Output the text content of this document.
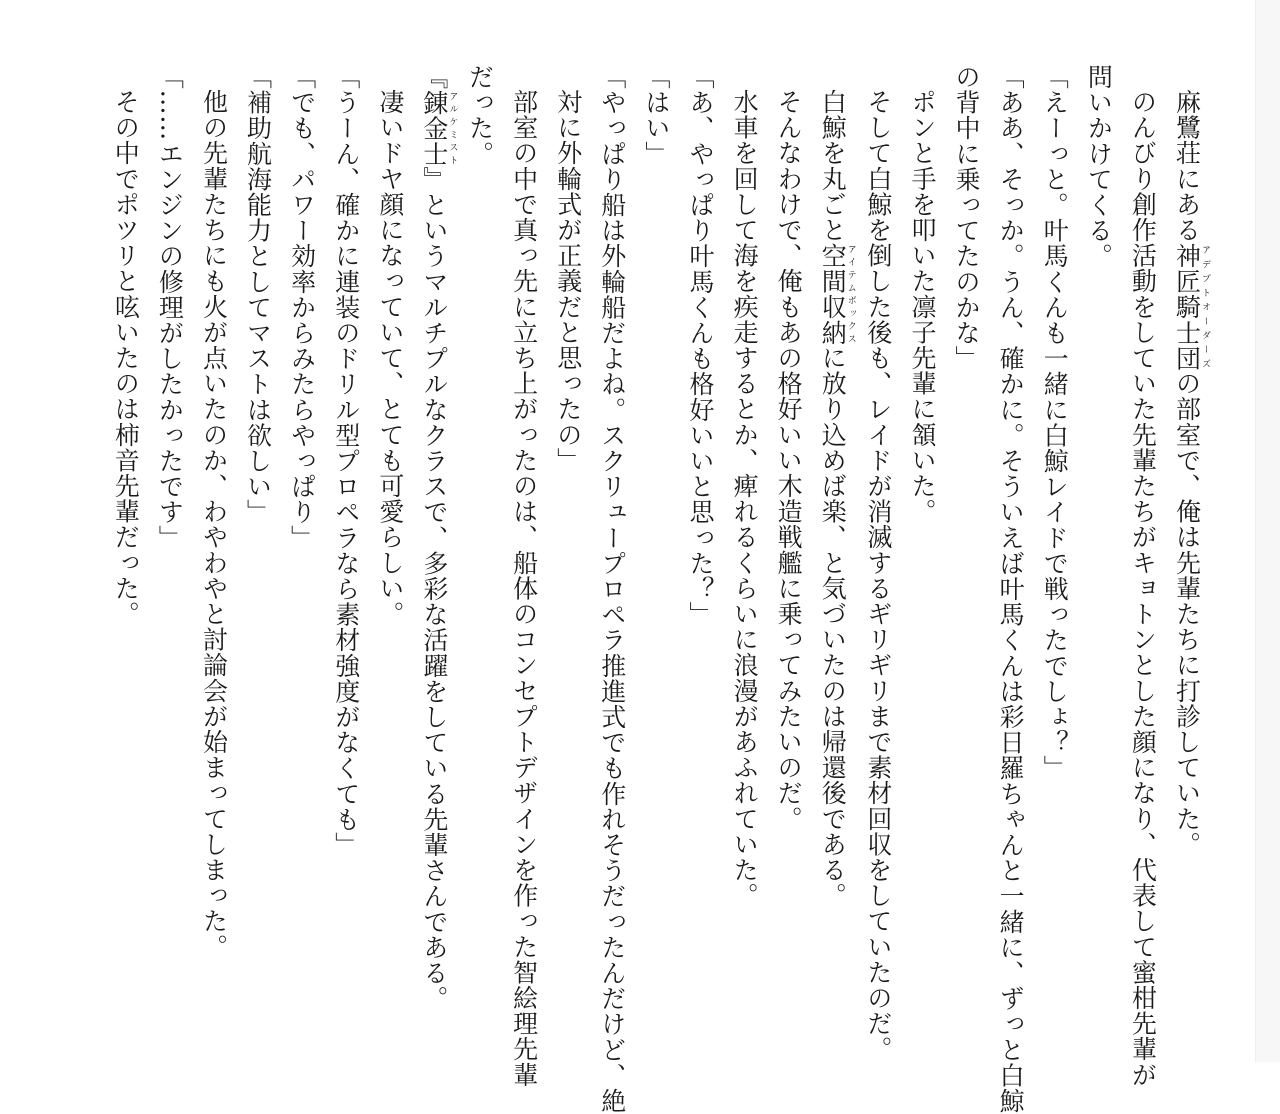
麻鷺荘にある神匠騎士団アデプトオーダーズの部室で、俺は先輩たちに打診していた。
のんびり創作活動をしていた先輩たちがキョトンとした顔になり、代表して蜜柑先輩が
問いかけてくる。
「えーっと。叶馬くんも一緒に白鯨レイドで戦ったでしょ？」
「ああ、そっか。うん、確かに。そういえば叶馬くんは彩日羅ちゃんと一緒に、ずっと白鯨
の背中に乗ってたのかな」
ポンと手を叩いた凛子先輩に頷いた。
そして白鯨を倒した後も、レイドが消滅するギリギリまで素材回収をしていたのだ。
白鯨を丸ごと空間収納アイテムボックスに放り込めば楽、と気づいたのは帰還後である。
そんなわけで、俺もあの格好いい木造戦艦に乗ってみたいのだ。
水車を回して海を疾走するとか、痺れるくらいに浪漫があふれていた。
「あ、やっぱり叶馬くんも格好いいと思った？」
「はい」
「やっぱり船は外輪船だよね。スクリュープロペラ推進式でも作れそうだったんだけど、絶
対に外輪式が正義だと思ったの」
部室の中で真っ先に立ち上がったのは、船体のコンセプトデザインを作った智絵理先輩
だった。
『錬金士アルケミスト』というマルチプルなクラスで、多彩な活躍をしている先輩さんである。
凄いドヤ顔になっていて、とても可愛らしい。
「うーん、確かに連装のドリル型プロペラなら素材強度がなくても」
「でも、パワー効率からみたらやっぱり」
「補助航海能力としてマストは欲しい」
他の先輩たちにも火が点いたのか、わやわやと討論会が始まってしまった。
「……エンジンの修理がしたかったです」
その中でポツリと呟いたのは柿音先輩だった。
